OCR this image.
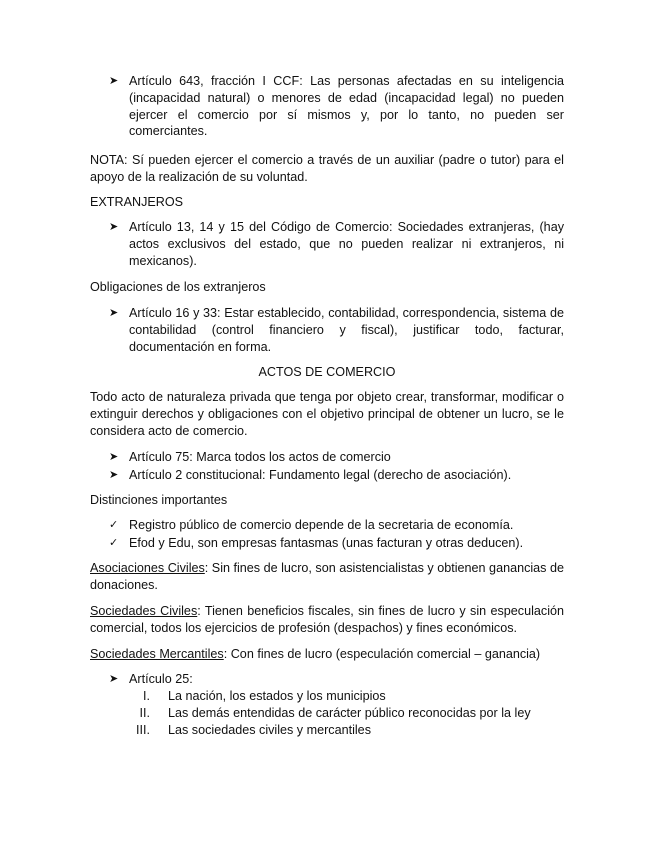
➤ Artículo 643, fracción I CCF: Las personas afectadas en su inteligencia (incapacidad natural) o menores de edad (incapacidad legal) no pueden ejercer el comercio por sí mismos y, por lo tanto, no pueden ser comerciantes.
NOTA: Sí pueden ejercer el comercio a través de un auxiliar (padre o tutor) para el apoyo de la realización de su voluntad.
EXTRANJEROS
➤ Artículo 13, 14 y 15 del Código de Comercio: Sociedades extranjeras, (hay actos exclusivos del estado, que no pueden realizar ni extranjeros, ni mexicanos).
Obligaciones de los extranjeros
➤ Artículo 16 y 33: Estar establecido, contabilidad, correspondencia, sistema de contabilidad (control financiero y fiscal), justificar todo, facturar, documentación en forma.
ACTOS DE COMERCIO
Todo acto de naturaleza privada que tenga por objeto crear, transformar, modificar o extinguir derechos y obligaciones con el objetivo principal de obtener un lucro, se le considera acto de comercio.
➤ Artículo 75: Marca todos los actos de comercio
➤ Artículo 2 constitucional: Fundamento legal (derecho de asociación).
Distinciones importantes
✓ Registro público de comercio depende de la secretaria de economía.
✓ Efod y Edu, son empresas fantasmas (unas facturan y otras deducen).
Asociaciones Civiles: Sin fines de lucro, son asistencialistas y obtienen ganancias de donaciones.
Sociedades Civiles: Tienen beneficios fiscales, sin fines de lucro y sin especulación comercial, todos los ejercicios de profesión (despachos) y fines económicos.
Sociedades Mercantiles: Con fines de lucro (especulación comercial – ganancia)
➤ Artículo 25:
I. La nación, los estados y los municipios
II. Las demás entendidas de carácter público reconocidas por la ley
III. Las sociedades civiles y mercantiles
